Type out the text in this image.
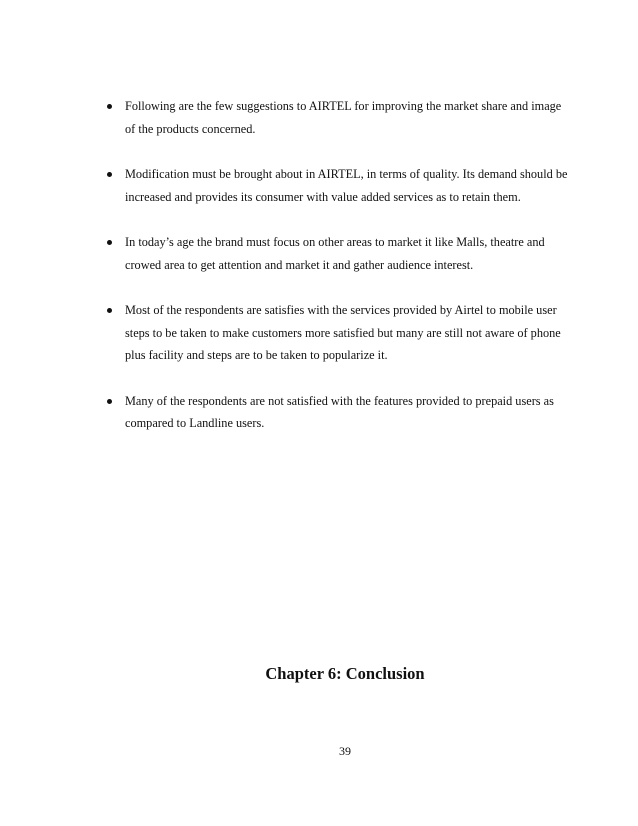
Following are the few suggestions to AIRTEL for improving the market share and image
of the products concerned.
Modification must be brought about in AIRTEL, in terms of quality. Its demand should be
increased and provides its consumer with value added services as to retain them.
In today’s age the brand must focus on other areas to market it like Malls, theatre and
crowed area to get attention and market it and gather audience interest.
Most of the respondents are satisfies with the services provided by Airtel to mobile user
steps to be taken to make customers more satisfied but many are still not aware of phone
plus facility and steps are to be taken to popularize it.
Many of the respondents are not satisfied with the features provided to prepaid users as
compared to Landline users.
Chapter 6: Conclusion
39
